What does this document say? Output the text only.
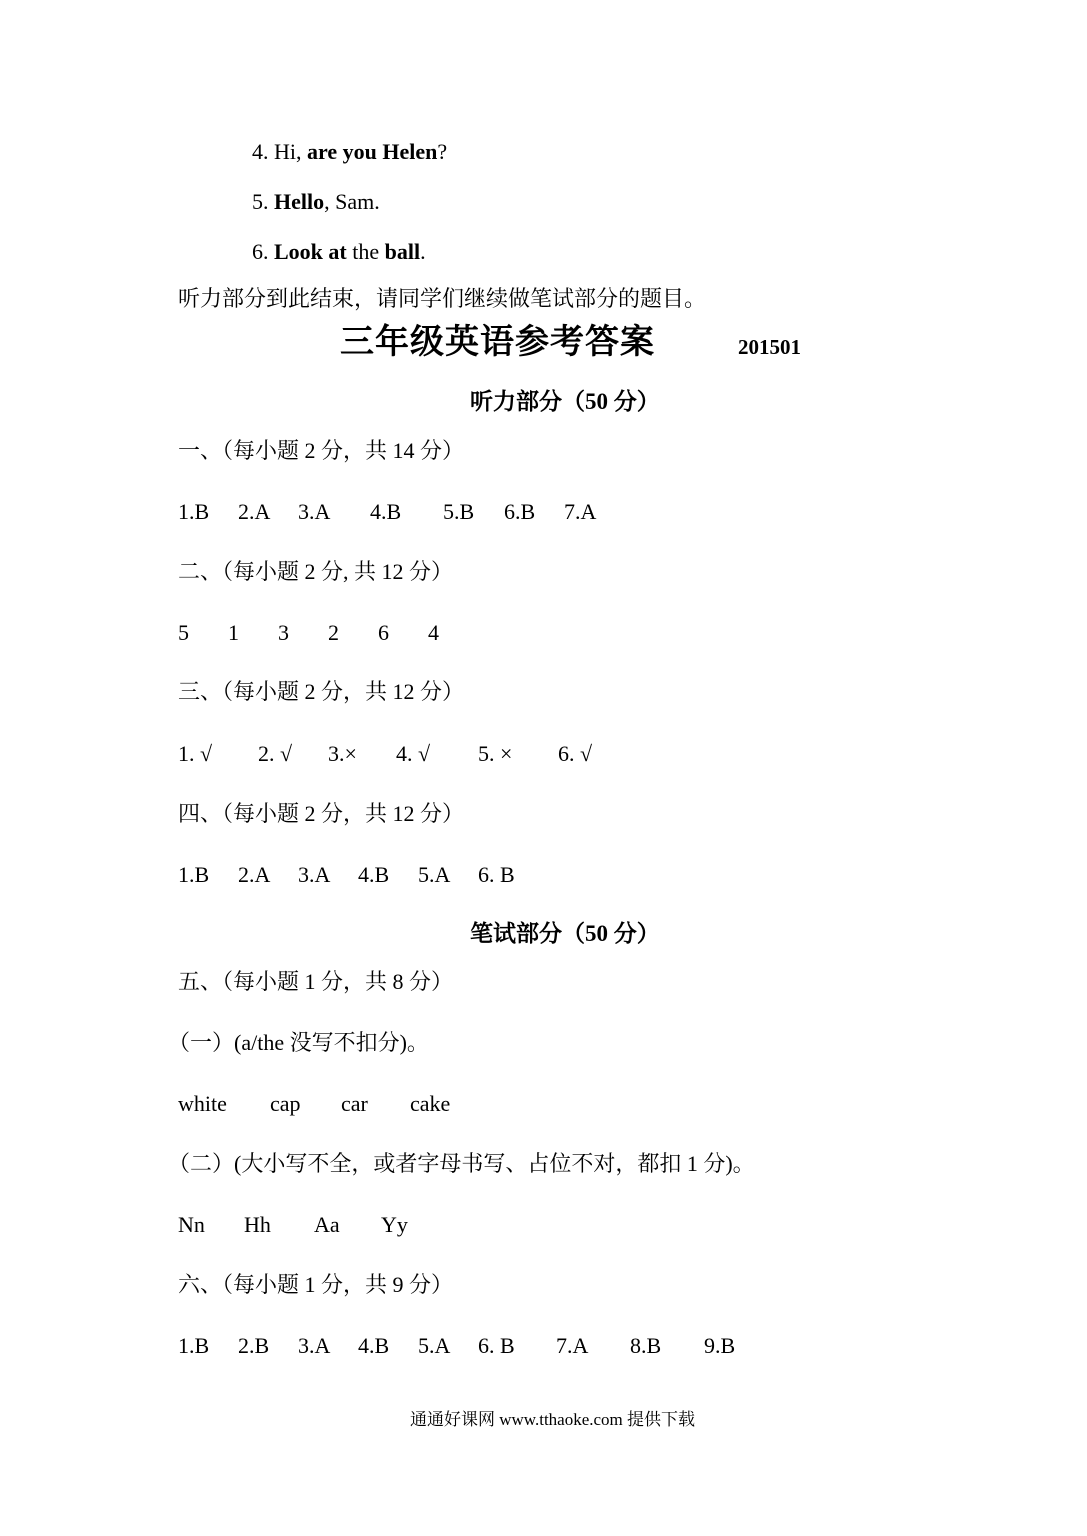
4. Hi, are you Helen?
5. Hello, Sam.
6. Look at the ball.
听力部分到此结束，请同学们继续做笔试部分的题目。
三年级英语参考答案	201501
听力部分（50 分）
一、（每小题 2 分，共 14 分）
1.B 2.A 3.A 4.B 5.B 6.B 7.A
二、（每小题 2 分, 共 12 分）
5 1 3 2 6 4
三、（每小题 2 分，共 12 分）
1. √ 2. √ 3.× 4. √ 5. × 6. √
四、（每小题 2 分，共 12 分）
1.B 2.A 3.A 4.B 5.A 6. B
笔试部分（50 分）
五、（每小题 1 分，共 8 分）
（一）(a/the 没写不扣分)。
white cap car cake
（二）(大小写不全，或者字母书写、占位不对，都扣 1 分)。
Nn Hh Aa Yy
六、（每小题 1 分，共 9 分）
1.B 2.B 3.A 4.B 5.A 6. B 7.A 8.B 9.B
通通好课网 www.tthaoke.com 提供下载
